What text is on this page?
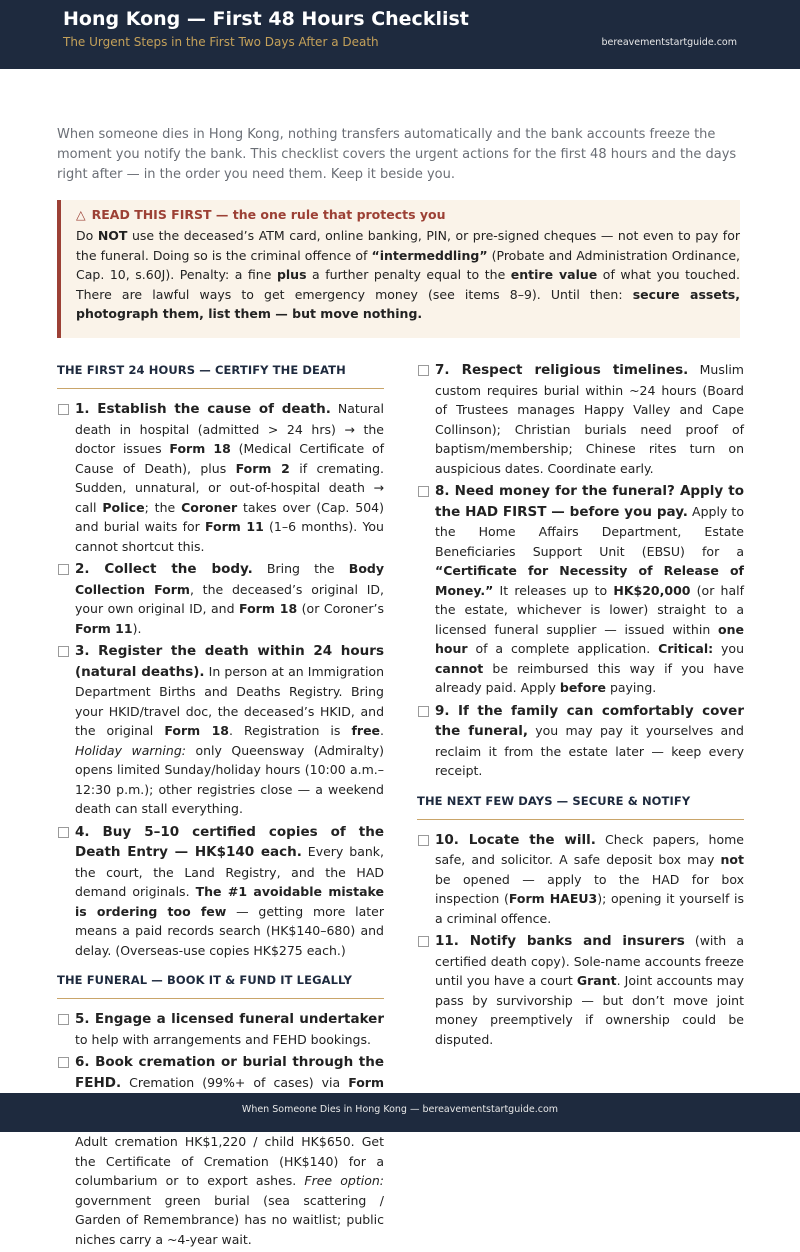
Hong Kong — First 48 Hours Checklist
The Urgent Steps in the First Two Days After a Death	bereavementstartguide.com

When someone dies in Hong Kong, nothing transfers automatically and the bank accounts freeze the moment you notify the bank. This checklist covers the urgent actions for the first 48 hours and the days right after — in the order you need them. Keep it beside you.

△ READ THIS FIRST — the one rule that protects you
Do NOT use the deceased’s ATM card, online banking, PIN, or pre-signed cheques — not even to pay for the funeral. Doing so is the criminal offence of “intermeddling” (Probate and Administration Ordinance, Cap. 10, s.60J). Penalty: a fine plus a further penalty equal to the entire value of what you touched. There are lawful ways to get emergency money (see items 8–9). Until then: secure assets, photograph them, list them — but move nothing.
THE FIRST 24 HOURS — CERTIFY THE DEATH
1. Establish the cause of death. Natural death in hospital (admitted > 24 hrs) → the doctor issues Form 18 (Medical Certificate of Cause of Death), plus Form 2 if cremating. Sudden, unnatural, or out-of-hospital death → call Police; the Coroner takes over (Cap. 504) and burial waits for Form 11 (1–6 months). You cannot shortcut this.
2. Collect the body. Bring the Body Collection Form, the deceased’s original ID, your own original ID, and Form 18 (or Coroner’s Form 11).
3. Register the death within 24 hours (natural deaths). In person at an Immigration Department Births and Deaths Registry. Bring your HKID/travel doc, the deceased’s HKID, and the original Form 18. Registration is free. Holiday warning: only Queensway (Admiralty) opens limited Sunday/holiday hours (10:00 a.m.–12:30 p.m.); other registries close — a weekend death can stall everything.
4. Buy 5–10 certified copies of the Death Entry — HK$140 each. Every bank, the court, the Land Registry, and the HAD demand originals. The #1 avoidable mistake is ordering too few — getting more later means a paid records search (HK$140–680) and delay. (Overseas-use copies HK$275 each.)
THE FUNERAL — BOOK IT & FUND IT LEGALLY
5. Engage a licensed funeral undertaker to help with arrangements and FEHD bookings.
6. Book cremation or burial through the FEHD. Cremation (99%+ of cases) via Form Adult cremation HK$1,220 / child HK$650. Get the Certificate of Cremation (HK$140) for a columbarium or to export ashes. Free option: government green burial (sea scattering / Garden of Remembrance) has no waitlist; public niches carry a ~4-year wait.
7. Respect religious timelines. Muslim custom requires burial within ~24 hours (Board of Trustees manages Happy Valley and Cape Collinson); Christian burials need proof of baptism/membership; Chinese rites turn on auspicious dates. Coordinate early.
8. Need money for the funeral? Apply to the HAD FIRST — before you pay. Apply to the Home Affairs Department, Estate Beneficiaries Support Unit (EBSU) for a “Certificate for Necessity of Release of Money.” It releases up to HK$20,000 (or half the estate, whichever is lower) straight to a licensed funeral supplier — issued within one hour of a complete application. Critical: you cannot be reimbursed this way if you have already paid. Apply before paying.
9. If the family can comfortably cover the funeral, you may pay it yourselves and reclaim it from the estate later — keep every receipt.
THE NEXT FEW DAYS — SECURE & NOTIFY
10. Locate the will. Check papers, home safe, and solicitor. A safe deposit box may not be opened — apply to the HAD for box inspection (Form HAEU3); opening it yourself is a criminal offence.
11. Notify banks and insurers (with a certified death copy). Sole-name accounts freeze until you have a court Grant. Joint accounts may pass by survivorship — but don’t move joint money preemptively if ownership could be disputed.
When Someone Dies in Hong Kong — bereavementstartguide.com
